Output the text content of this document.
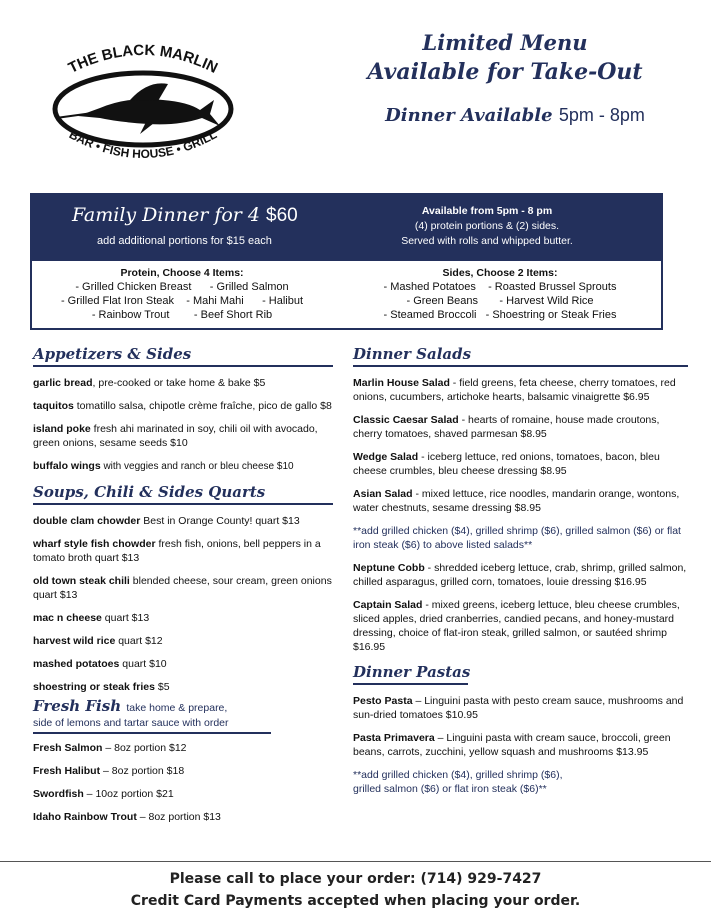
THE BLACK MARLIN
BAR • FISH HOUSE • GRILL
Limited Menu
Available for Take-Out
Dinner Available 5pm - 8pm
Family Dinner for 4 $60
add additional portions for $15 each
Available from 5pm - 8 pm
(4) protein portions & (2) sides.
Served with rolls and whipped butter.
Protein, Choose 4 Items:
- Grilled Chicken Breast      - Grilled Salmon
- Grilled Flat Iron Steak    - Mahi Mahi      - Halibut
- Rainbow Trout        - Beef Short Rib
Sides, Choose 2 Items:
- Mashed Potatoes    - Roasted Brussel Sprouts
- Green Beans       - Harvest Wild Rice
- Steamed Broccoli   - Shoestring or Steak Fries
Appetizers & Sides
garlic bread, pre-cooked or take home & bake $5
taquitos tomatillo salsa, chipotle crème fraîche, pico de gallo $8
island poke fresh ahi marinated in soy, chili oil with avocado, green onions, sesame seeds $10
buffalo wings with veggies and ranch or bleu cheese $10
Soups, Chili & Sides Quarts
double clam chowder Best in Orange County! quart $13
wharf style fish chowder fresh fish, onions, bell peppers in a tomato broth quart $13
old town steak chili blended cheese, sour cream, green onions quart $13
mac n cheese quart $13
harvest wild rice quart $12
mashed potatoes quart $10
shoestring or steak fries $5
Fresh Fish take home & prepare,
side of lemons and tartar sauce with order
Fresh Salmon – 8oz portion $12
Fresh Halibut – 8oz portion $18
Swordfish – 10oz portion $21
Idaho Rainbow Trout – 8oz portion $13
Dinner Salads
Marlin House Salad - field greens, feta cheese, cherry tomatoes, red onions, cucumbers, artichoke hearts, balsamic vinaigrette $6.95
Classic Caesar Salad - hearts of romaine, house made croutons, cherry tomatoes, shaved parmesan $8.95
Wedge Salad - iceberg lettuce, red onions, tomatoes, bacon, bleu cheese crumbles, bleu cheese dressing $8.95
Asian Salad - mixed lettuce, rice noodles, mandarin orange, wontons, water chestnuts, sesame dressing $8.95
**add grilled chicken ($4), grilled shrimp ($6), grilled salmon ($6) or flat iron steak ($6) to above listed salads**
Neptune Cobb - shredded iceberg lettuce, crab, shrimp, grilled salmon, chilled asparagus, grilled corn, tomatoes, louie dressing $16.95
Captain Salad - mixed greens, iceberg lettuce, bleu cheese crumbles, sliced apples, dried cranberries, candied pecans, and honey-mustard dressing, choice of flat-iron steak, grilled salmon, or sautéed shrimp $16.95
Dinner Pastas
Pesto Pasta – Linguini pasta with pesto cream sauce, mushrooms and sun-dried tomatoes $10.95
Pasta Primavera – Linguini pasta with cream sauce, broccoli, green beans, carrots, zucchini, yellow squash and mushrooms $13.95
**add grilled chicken ($4), grilled shrimp ($6), grilled salmon ($6) or flat iron steak ($6)**
Please call to place your order: (714) 929-7427
Credit Card Payments accepted when placing your order.
